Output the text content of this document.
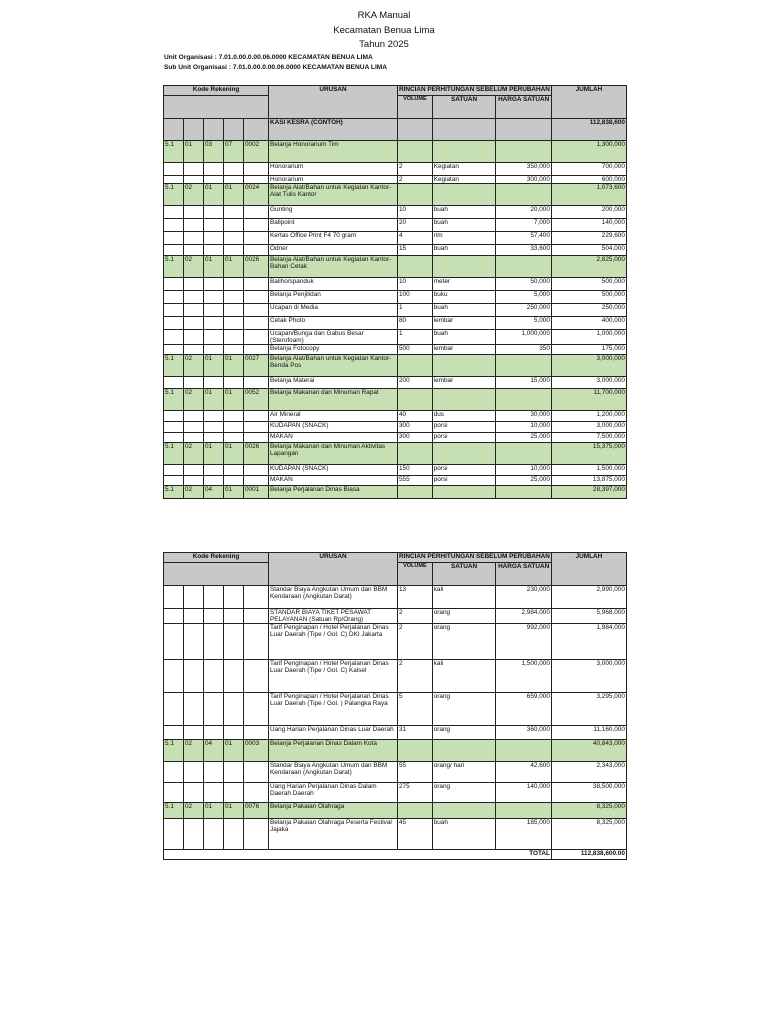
RKA Manual
Kecamatan Benua Lima
Tahun 2025
Unit Organisasi : 7.01.0.00.0.00.06.0000 KECAMATAN BENUA LIMA
Sub Unit Organisasi : 7.01.0.00.0.00.06.0000 KECAMATAN BENUA LIMA
Kode Rekening					URUSAN	RINCIAN PERHITUNGAN SEBELUM PERUBAHAN			JUMLAH
						VOLUME	SATUAN	HARGA SATUAN	
					KASI KESRA (CONTOH)				112,838,600
5.1	01	03	07	0002	Belanja Honorarium Tim				1,300,000
					Honorarium	2	Kegiatan	350,000	700,000
					Honorarium	2	Kegiatan	300,000	600,000
5.1	02	01	01	0024	Belanja Alat/Bahan untuk Kegiatan Kantor-Alat Tulis Kantor				1,073,600
					Gunting	10	buah	20,000	200,000
					Ballpoint	20	buah	7,000	140,000
					Kertas Office Print F4 70 gram	4	rim	57,400	229,600
					Odner	15	buah	33,600	504,000
5.1	02	01	01	0026	Belanja Alat/Bahan untuk Kegiatan Kantor- Bahan Cetak				2,825,000
					Baliho/spanduk	10	meter	50,000	500,000
					Belanja Penjilidan	100	buku	5,000	500,000
					Ucapan di Media	1	buah	250,000	250,000
					Cetak Photo	80	lembar	5,000	400,000
					Ucapan/Bunga dan Gabus Besar (Sterofoam)	1	buah	1,000,000	1,000,000
					Belanja Fotocopy	500	lembar	350	175,000
5.1	02	01	01	0027	Belanja Alat/Bahan untuk Kegiatan Kantor-Benda Pos				3,000,000
					Belanja Materai	200	lembar	15,000	3,000,000
5.1	02	01	01	0052	Belanja Makanan dan Minuman Rapat				11,700,000
					Air Mineral	40	dus	30,000	1,200,000
					KUDAPAN (SNACK)	300	porsi	10,000	3,000,000
					MAKAN	300	porsi	25,000	7,500,000
5.1	02	01	01	0026	Belanja Makanan dan Minuman Aktivitas Lapangan				15,375,000
					KUDAPAN (SNACK)	150	porsi	10,000	1,500,000
					MAKAN	555	porsi	25,000	13,875,000
5.1	02	04	01	0001	Belanja Perjalanan Dinas Biasa				28,397,000
Kode Rekening					URUSAN	RINCIAN PERHITUNGAN SEBELUM PERUBAHAN			JUMLAH
						VOLUME	SATUAN	HARGA SATUAN	
					Standar Biaya Angkutan Umum dan BBM Kendaraan (Angkutan Darat)	13	kali	230,000	2,990,000
					STANDAR BIAYA TIKET PESAWAT PELAYANAN (Satuan Rp/Orang)	2	orang	2,984,000	5,968,000
					Tarif Penginapan / Hotel Perjalanan Dinas Luar Daerah (Tipe / Gol. C) DKI Jakarta	2	orang	992,000	1,984,000
					Tarif Penginapan / Hotel Perjalanan Dinas Luar Daerah (Tipe / Gol. C) Kalsel	2	kali	1,500,000	3,000,000
					Tarif Penginapan / Hotel Perjalanan Dinas Luar Daerah (Tipe / Gol. ) Palangka Raya	5	orang	659,000	3,295,000
					Uang Harian Perjalanan Dinas Luar Daerah	31	orang	360,000	11,160,000
5.1	02	04	01	0003	Belanja Perjalanan Dinas Dalam Kota				40,843,000
					Standar Biaya Angkutan Umum dan BBM Kendaraan (Angkutan Darat)	55	orang/ hari	42,600	2,343,000
					Uang Harian Perjalanan Dinas Dalam Daerah Daerah	275	orang	140,000	38,500,000
5.1	02	01	01	0076	Belanja Pakaian Olahraga				8,325,000
					Belanja Pakaian Olahraga Peserta Festival Jajaka	45	buah	185,000	8,325,000
TOTAL									112,838,600.00
